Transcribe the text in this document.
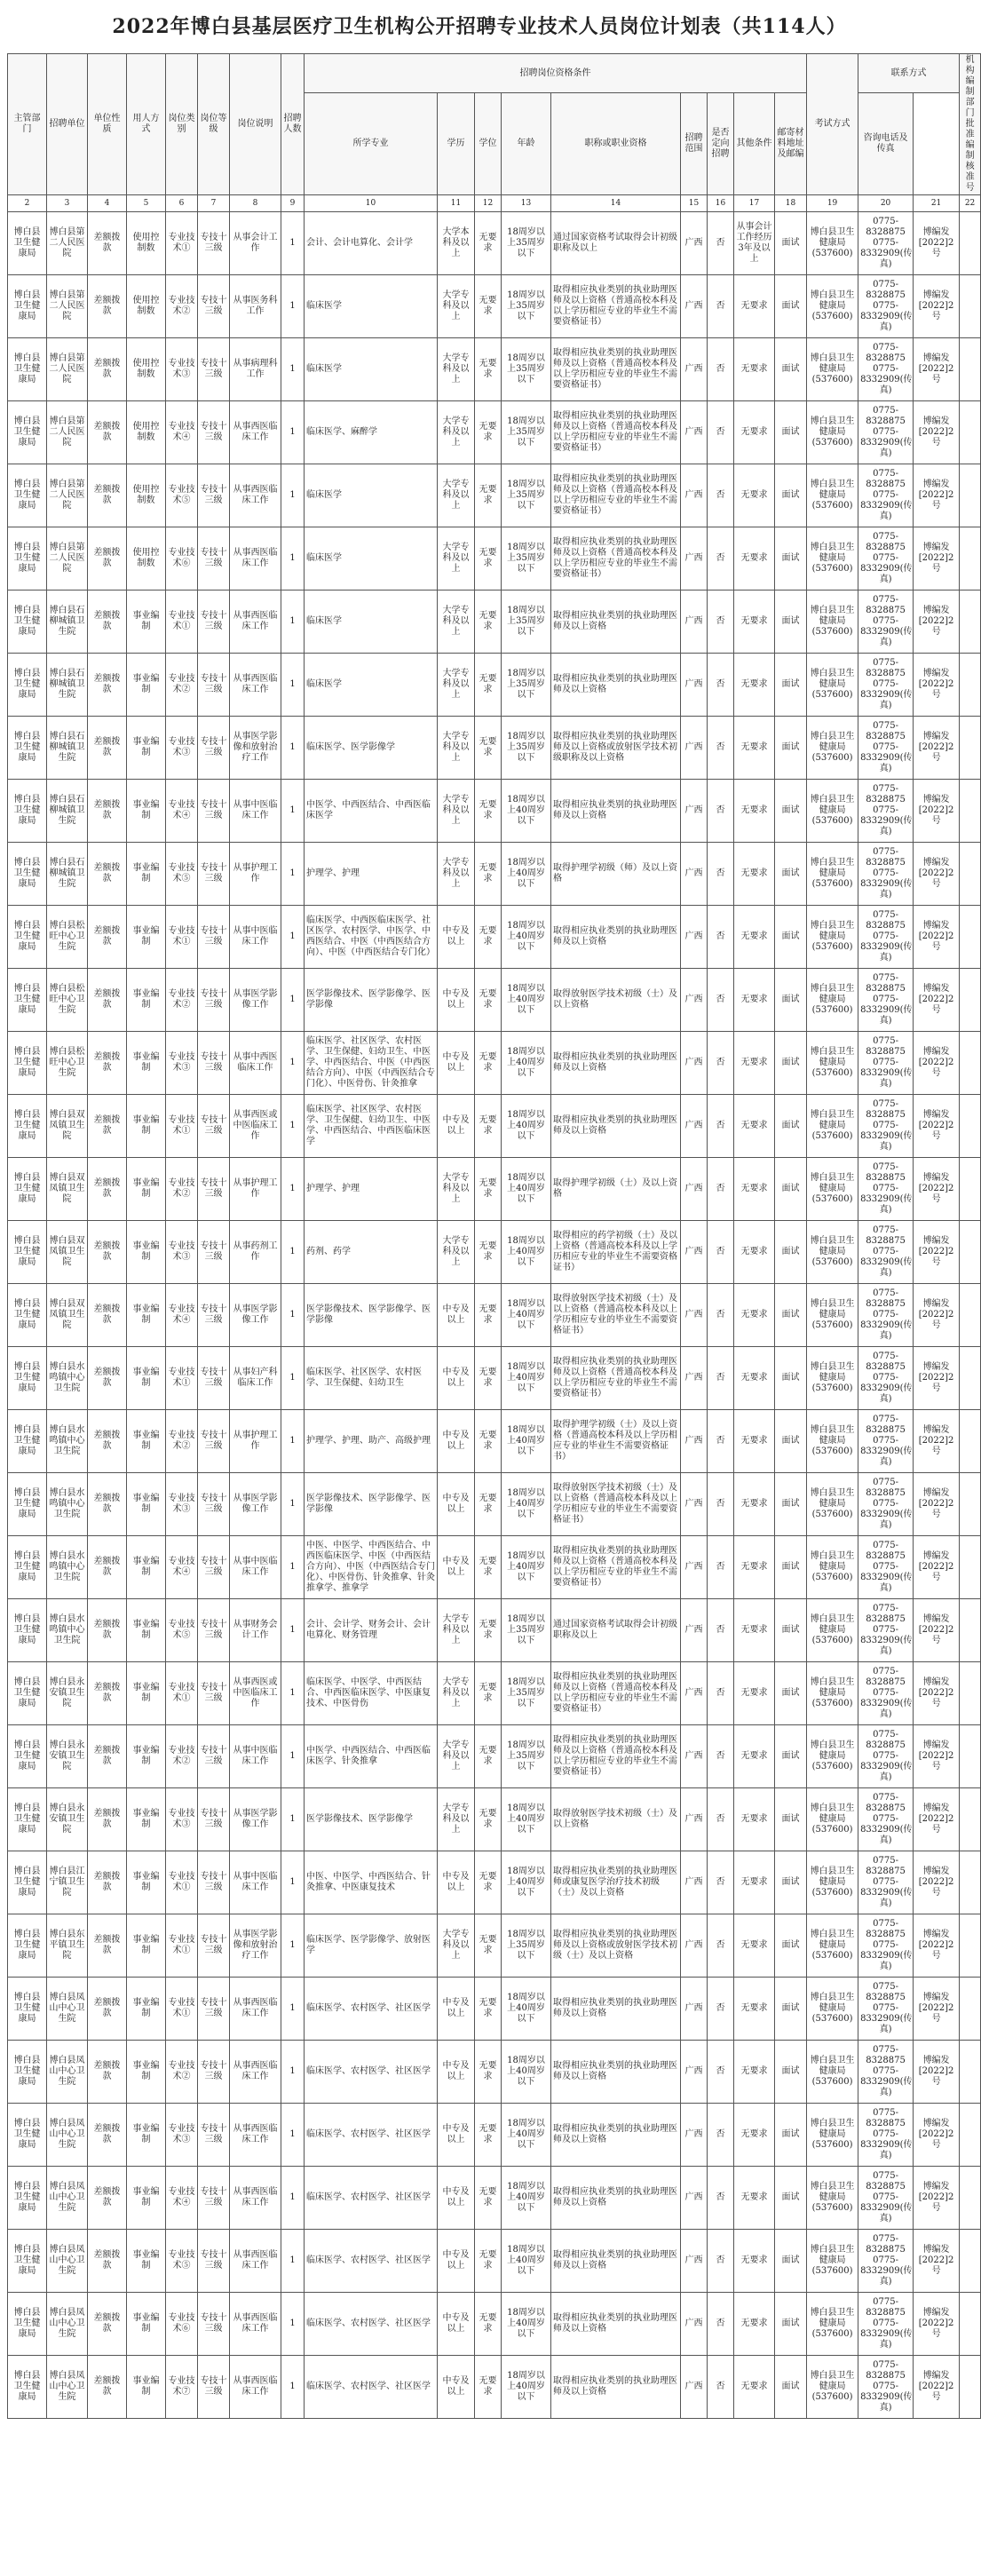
2022年博白县基层医疗卫生机构公开招聘专业技术人员岗位计划表（共114人）
主管部门	招聘单位	单位性质	用人方式	岗位类别	岗位等级	岗位说明	招聘人数	招聘岗位资格条件									考试方式	联系方式		机构编制部门批准编制核准号	
								所学专业	学历	学位	年龄	职称或职业资格	招聘范围	是否定向招聘	其他条件	邮寄材料地址及邮编		咨询电话及传真			
2	3	4	5	6	7	8	9	10	11	12	13	14	15	16	17	18	19	20	21	22	
博白县卫生健康局	博白县第二人民医院	差额拨款	使用控制数	专业技术①	专技十三级	从事会计工作	1	会计、会计电算化、会计学	大学本科及以上	无要求	18周岁以上35周岁以下	通过国家资格考试取得会计初级职称及以上	广西	否	从事会计工作经历3年及以上	面试	博白县卫生健康局(537600)	0775-8328875 0775-8332909(传真)	博编发[2022]2号		
博白县卫生健康局	博白县第二人民医院	差额拨款	使用控制数	专业技术②	专技十三级	从事医务科工作	1	临床医学	大学专科及以上	无要求	18周岁以上35周岁以下	取得相应执业类别的执业助理医师及以上资格（普通高校本科及以上学历相应专业的毕业生不需要资格证书）	广西	否	无要求	面试	博白县卫生健康局(537600)	0775-8328875 0775-8332909(传真)	博编发[2022]2号		
博白县卫生健康局	博白县第二人民医院	差额拨款	使用控制数	专业技术③	专技十三级	从事病理科工作	1	临床医学	大学专科及以上	无要求	18周岁以上35周岁以下	取得相应执业类别的执业助理医师及以上资格（普通高校本科及以上学历相应专业的毕业生不需要资格证书）	广西	否	无要求	面试	博白县卫生健康局(537600)	0775-8328875 0775-8332909(传真)	博编发[2022]2号		
博白县卫生健康局	博白县第二人民医院	差额拨款	使用控制数	专业技术④	专技十三级	从事西医临床工作	1	临床医学、麻醉学	大学专科及以上	无要求	18周岁以上35周岁以下	取得相应执业类别的执业助理医师及以上资格（普通高校本科及以上学历相应专业的毕业生不需要资格证书）	广西	否	无要求	面试	博白县卫生健康局(537600)	0775-8328875 0775-8332909(传真)	博编发[2022]2号		
博白县卫生健康局	博白县第二人民医院	差额拨款	使用控制数	专业技术⑤	专技十三级	从事西医临床工作	1	临床医学	大学专科及以上	无要求	18周岁以上35周岁以下	取得相应执业类别的执业助理医师及以上资格（普通高校本科及以上学历相应专业的毕业生不需要资格证书）	广西	否	无要求	面试	博白县卫生健康局(537600)	0775-8328875 0775-8332909(传真)	博编发[2022]2号		
博白县卫生健康局	博白县第二人民医院	差额拨款	使用控制数	专业技术⑥	专技十三级	从事西医临床工作	1	临床医学	大学专科及以上	无要求	18周岁以上35周岁以下	取得相应执业类别的执业助理医师及以上资格（普通高校本科及以上学历相应专业的毕业生不需要资格证书）	广西	否	无要求	面试	博白县卫生健康局(537600)	0775-8328875 0775-8332909(传真)	博编发[2022]2号		
博白县卫生健康局	博白县石柳城镇卫生院	差额拨款	事业编制	专业技术①	专技十三级	从事西医临床工作	1	临床医学	大学专科及以上	无要求	18周岁以上35周岁以下	取得相应执业类别的执业助理医师及以上资格	广西	否	无要求	面试	博白县卫生健康局(537600)	0775-8328875 0775-8332909(传真)	博编发[2022]2号		
博白县卫生健康局	博白县石柳城镇卫生院	差额拨款	事业编制	专业技术②	专技十三级	从事西医临床工作	1	临床医学	大学专科及以上	无要求	18周岁以上35周岁以下	取得相应执业类别的执业助理医师及以上资格	广西	否	无要求	面试	博白县卫生健康局(537600)	0775-8328875 0775-8332909(传真)	博编发[2022]2号		
博白县卫生健康局	博白县石柳城镇卫生院	差额拨款	事业编制	专业技术③	专技十三级	从事医学影像和放射治疗工作	1	临床医学、医学影像学	大学专科及以上	无要求	18周岁以上35周岁以下	取得相应执业类别的执业助理医师及以上资格或放射医学技术初级职称及以上资格	广西	否	无要求	面试	博白县卫生健康局(537600)	0775-8328875 0775-8332909(传真)	博编发[2022]2号		
博白县卫生健康局	博白县石柳城镇卫生院	差额拨款	事业编制	专业技术④	专技十三级	从事中医临床工作	1	中医学、中西医结合、中西医临床医学	大学专科及以上	无要求	18周岁以上40周岁以下	取得相应执业类别的执业助理医师及以上资格	广西	否	无要求	面试	博白县卫生健康局(537600)	0775-8328875 0775-8332909(传真)	博编发[2022]2号		
博白县卫生健康局	博白县石柳城镇卫生院	差额拨款	事业编制	专业技术⑤	专技十三级	从事护理工作	1	护理学、护理	大学专科及以上	无要求	18周岁以上40周岁以下	取得护理学初级（师）及以上资格	广西	否	无要求	面试	博白县卫生健康局(537600)	0775-8328875 0775-8332909(传真)	博编发[2022]2号		
博白县卫生健康局	博白县松旺中心卫生院	差额拨款	事业编制	专业技术①	专技十三级	从事中医临床工作	1	临床医学、中西医临床医学、社区医学、农村医学、中医学、中西医结合、中医（中西医结合方向）、中医（中西医结合专门化）	中专及以上	无要求	18周岁以上40周岁以下	取得相应执业类别的执业助理医师及以上资格	广西	否	无要求	面试	博白县卫生健康局(537600)	0775-8328875 0775-8332909(传真)	博编发[2022]2号		
博白县卫生健康局	博白县松旺中心卫生院	差额拨款	事业编制	专业技术②	专技十三级	从事医学影像工作	1	医学影像技术、医学影像学、医学影像	中专及以上	无要求	18周岁以上40周岁以下	取得放射医学技术初级（士）及以上资格	广西	否	无要求	面试	博白县卫生健康局(537600)	0775-8328875 0775-8332909(传真)	博编发[2022]2号		
博白县卫生健康局	博白县松旺中心卫生院	差额拨款	事业编制	专业技术③	专技十三级	从事中西医临床工作	1	临床医学、社区医学、农村医学、卫生保健、妇幼卫生、中医学、中西医结合、中医（中西医结合方向）、中医（中西医结合专门化）、中医骨伤、针灸推拿	中专及以上	无要求	18周岁以上40周岁以下	取得相应执业类别的执业助理医师及以上资格	广西	否	无要求	面试	博白县卫生健康局(537600)	0775-8328875 0775-8332909(传真)	博编发[2022]2号		
博白县卫生健康局	博白县双凤镇卫生院	差额拨款	事业编制	专业技术①	专技十三级	从事西医或中医临床工作	1	临床医学、社区医学、农村医学、卫生保健、妇幼卫生、中医学、中西医结合、中西医临床医学	中专及以上	无要求	18周岁以上40周岁以下	取得相应执业类别的执业助理医师及以上资格	广西	否	无要求	面试	博白县卫生健康局(537600)	0775-8328875 0775-8332909(传真)	博编发[2022]2号		
博白县卫生健康局	博白县双凤镇卫生院	差额拨款	事业编制	专业技术②	专技十三级	从事护理工作	1	护理学、护理	大学专科及以上	无要求	18周岁以上40周岁以下	取得护理学初级（士）及以上资格	广西	否	无要求	面试	博白县卫生健康局(537600)	0775-8328875 0775-8332909(传真)	博编发[2022]2号		
博白县卫生健康局	博白县双凤镇卫生院	差额拨款	事业编制	专业技术③	专技十三级	从事药剂工作	1	药剂、药学	大学专科及以上	无要求	18周岁以上40周岁以下	取得相应的药学初级（士）及以上资格（普通高校本科及以上学历相应专业的毕业生不需要资格证书）	广西	否	无要求	面试	博白县卫生健康局(537600)	0775-8328875 0775-8332909(传真)	博编发[2022]2号		
博白县卫生健康局	博白县双凤镇卫生院	差额拨款	事业编制	专业技术④	专技十三级	从事医学影像工作	1	医学影像技术、医学影像学、医学影像	中专及以上	无要求	18周岁以上40周岁以下	取得放射医学技术初级（士）及以上资格（普通高校本科及以上学历相应专业的毕业生不需要资格证书）	广西	否	无要求	面试	博白县卫生健康局(537600)	0775-8328875 0775-8332909(传真)	博编发[2022]2号		
博白县卫生健康局	博白县水鸣镇中心卫生院	差额拨款	事业编制	专业技术①	专技十三级	从事妇产科临床工作	1	临床医学、社区医学、农村医学、卫生保健、妇幼卫生	中专及以上	无要求	18周岁以上40周岁以下	取得相应执业类别的执业助理医师及以上资格（普通高校本科及以上学历相应专业的毕业生不需要资格证书）	广西	否	无要求	面试	博白县卫生健康局(537600)	0775-8328875 0775-8332909(传真)	博编发[2022]2号		
博白县卫生健康局	博白县水鸣镇中心卫生院	差额拨款	事业编制	专业技术②	专技十三级	从事护理工作	1	护理学、护理、助产、高级护理	中专及以上	无要求	18周岁以上40周岁以下	取得护理学初级（士）及以上资格（普通高校本科及以上学历相应专业的毕业生不需要资格证书）	广西	否	无要求	面试	博白县卫生健康局(537600)	0775-8328875 0775-8332909(传真)	博编发[2022]2号		
博白县卫生健康局	博白县水鸣镇中心卫生院	差额拨款	事业编制	专业技术③	专技十三级	从事医学影像工作	1	医学影像技术、医学影像学、医学影像	中专及以上	无要求	18周岁以上40周岁以下	取得放射医学技术初级（士）及以上资格（普通高校本科及以上学历相应专业的毕业生不需要资格证书）	广西	否	无要求	面试	博白县卫生健康局(537600)	0775-8328875 0775-8332909(传真)	博编发[2022]2号		
博白县卫生健康局	博白县水鸣镇中心卫生院	差额拨款	事业编制	专业技术④	专技十三级	从事中医临床工作	1	中医、中医学、中西医结合、中西医临床医学、中医（中西医结合方向）、中医（中西医结合专门化）、中医骨伤、针灸推拿、针灸推拿学、推拿学	中专及以上	无要求	18周岁以上40周岁以下	取得相应执业类别的执业助理医师及以上资格（普通高校本科及以上学历相应专业的毕业生不需要资格证书）	广西	否	无要求	面试	博白县卫生健康局(537600)	0775-8328875 0775-8332909(传真)	博编发[2022]2号		
博白县卫生健康局	博白县水鸣镇中心卫生院	差额拨款	事业编制	专业技术⑤	专技十三级	从事财务会计工作	1	会计、会计学、财务会计、会计电算化、财务管理	大学专科及以上	无要求	18周岁以上35周岁以下	通过国家资格考试取得会计初级职称及以上	广西	否	无要求	面试	博白县卫生健康局(537600)	0775-8328875 0775-8332909(传真)	博编发[2022]2号		
博白县卫生健康局	博白县永安镇卫生院	差额拨款	事业编制	专业技术①	专技十三级	从事西医或中医临床工作	1	临床医学、中医学、中西医结合、中西医临床医学、中医康复技术、中医骨伤	大学专科及以上	无要求	18周岁以上35周岁以下	取得相应执业类别的执业助理医师及以上资格（普通高校本科及以上学历相应专业的毕业生不需要资格证书）	广西	否	无要求	面试	博白县卫生健康局(537600)	0775-8328875 0775-8332909(传真)	博编发[2022]2号		
博白县卫生健康局	博白县永安镇卫生院	差额拨款	事业编制	专业技术②	专技十三级	从事中医临床工作	1	中医学、中西医结合、中西医临床医学、针灸推拿	大学专科及以上	无要求	18周岁以上35周岁以下	取得相应执业类别的执业助理医师及以上资格（普通高校本科及以上学历相应专业的毕业生不需要资格证书）	广西	否	无要求	面试	博白县卫生健康局(537600)	0775-8328875 0775-8332909(传真)	博编发[2022]2号		
博白县卫生健康局	博白县永安镇卫生院	差额拨款	事业编制	专业技术③	专技十三级	从事医学影像工作	1	医学影像技术、医学影像学	大学专科及以上	无要求	18周岁以上40周岁以下	取得放射医学技术初级（士）及以上资格	广西	否	无要求	面试	博白县卫生健康局(537600)	0775-8328875 0775-8332909(传真)	博编发[2022]2号		
博白县卫生健康局	博白县江宁镇卫生院	差额拨款	事业编制	专业技术①	专技十三级	从事中医临床工作	1	中医、中医学、中西医结合、针灸推拿、中医康复技术	中专及以上	无要求	18周岁以上40周岁以下	取得相应执业类别的执业助理医师或康复医学治疗技术初级（士）及以上资格	广西	否	无要求	面试	博白县卫生健康局(537600)	0775-8328875 0775-8332909(传真)	博编发[2022]2号		
博白县卫生健康局	博白县东平镇卫生院	差额拨款	事业编制	专业技术①	专技十三级	从事医学影像和放射治疗工作	1	临床医学、医学影像学、放射医学	大学专科及以上	无要求	18周岁以上35周岁以下	取得相应执业类别的执业助理医师及以上资格或放射医学技术初级（士）及以上资格	广西	否	无要求	面试	博白县卫生健康局(537600)	0775-8328875 0775-8332909(传真)	博编发[2022]2号		
博白县卫生健康局	博白县凤山中心卫生院	差额拨款	事业编制	专业技术①	专技十三级	从事西医临床工作	1	临床医学、农村医学、社区医学	中专及以上	无要求	18周岁以上40周岁以下	取得相应执业类别的执业助理医师及以上资格	广西	否	无要求	面试	博白县卫生健康局(537600)	0775-8328875 0775-8332909(传真)	博编发[2022]2号		
博白县卫生健康局	博白县凤山中心卫生院	差额拨款	事业编制	专业技术②	专技十三级	从事西医临床工作	1	临床医学、农村医学、社区医学	中专及以上	无要求	18周岁以上40周岁以下	取得相应执业类别的执业助理医师及以上资格	广西	否	无要求	面试	博白县卫生健康局(537600)	0775-8328875 0775-8332909(传真)	博编发[2022]2号		
博白县卫生健康局	博白县凤山中心卫生院	差额拨款	事业编制	专业技术③	专技十三级	从事西医临床工作	1	临床医学、农村医学、社区医学	中专及以上	无要求	18周岁以上40周岁以下	取得相应执业类别的执业助理医师及以上资格	广西	否	无要求	面试	博白县卫生健康局(537600)	0775-8328875 0775-8332909(传真)	博编发[2022]2号		
博白县卫生健康局	博白县凤山中心卫生院	差额拨款	事业编制	专业技术④	专技十三级	从事西医临床工作	1	临床医学、农村医学、社区医学	中专及以上	无要求	18周岁以上40周岁以下	取得相应执业类别的执业助理医师及以上资格	广西	否	无要求	面试	博白县卫生健康局(537600)	0775-8328875 0775-8332909(传真)	博编发[2022]2号		
博白县卫生健康局	博白县凤山中心卫生院	差额拨款	事业编制	专业技术⑤	专技十三级	从事西医临床工作	1	临床医学、农村医学、社区医学	中专及以上	无要求	18周岁以上40周岁以下	取得相应执业类别的执业助理医师及以上资格	广西	否	无要求	面试	博白县卫生健康局(537600)	0775-8328875 0775-8332909(传真)	博编发[2022]2号		
博白县卫生健康局	博白县凤山中心卫生院	差额拨款	事业编制	专业技术⑥	专技十三级	从事西医临床工作	1	临床医学、农村医学、社区医学	中专及以上	无要求	18周岁以上40周岁以下	取得相应执业类别的执业助理医师及以上资格	广西	否	无要求	面试	博白县卫生健康局(537600)	0775-8328875 0775-8332909(传真)	博编发[2022]2号		
博白县卫生健康局	博白县凤山中心卫生院	差额拨款	事业编制	专业技术⑦	专技十三级	从事西医临床工作	1	临床医学、农村医学、社区医学	中专及以上	无要求	18周岁以上40周岁以下	取得相应执业类别的执业助理医师及以上资格	广西	否	无要求	面试	博白县卫生健康局(537600)	0775-8328875 0775-8332909(传真)	博编发[2022]2号		
